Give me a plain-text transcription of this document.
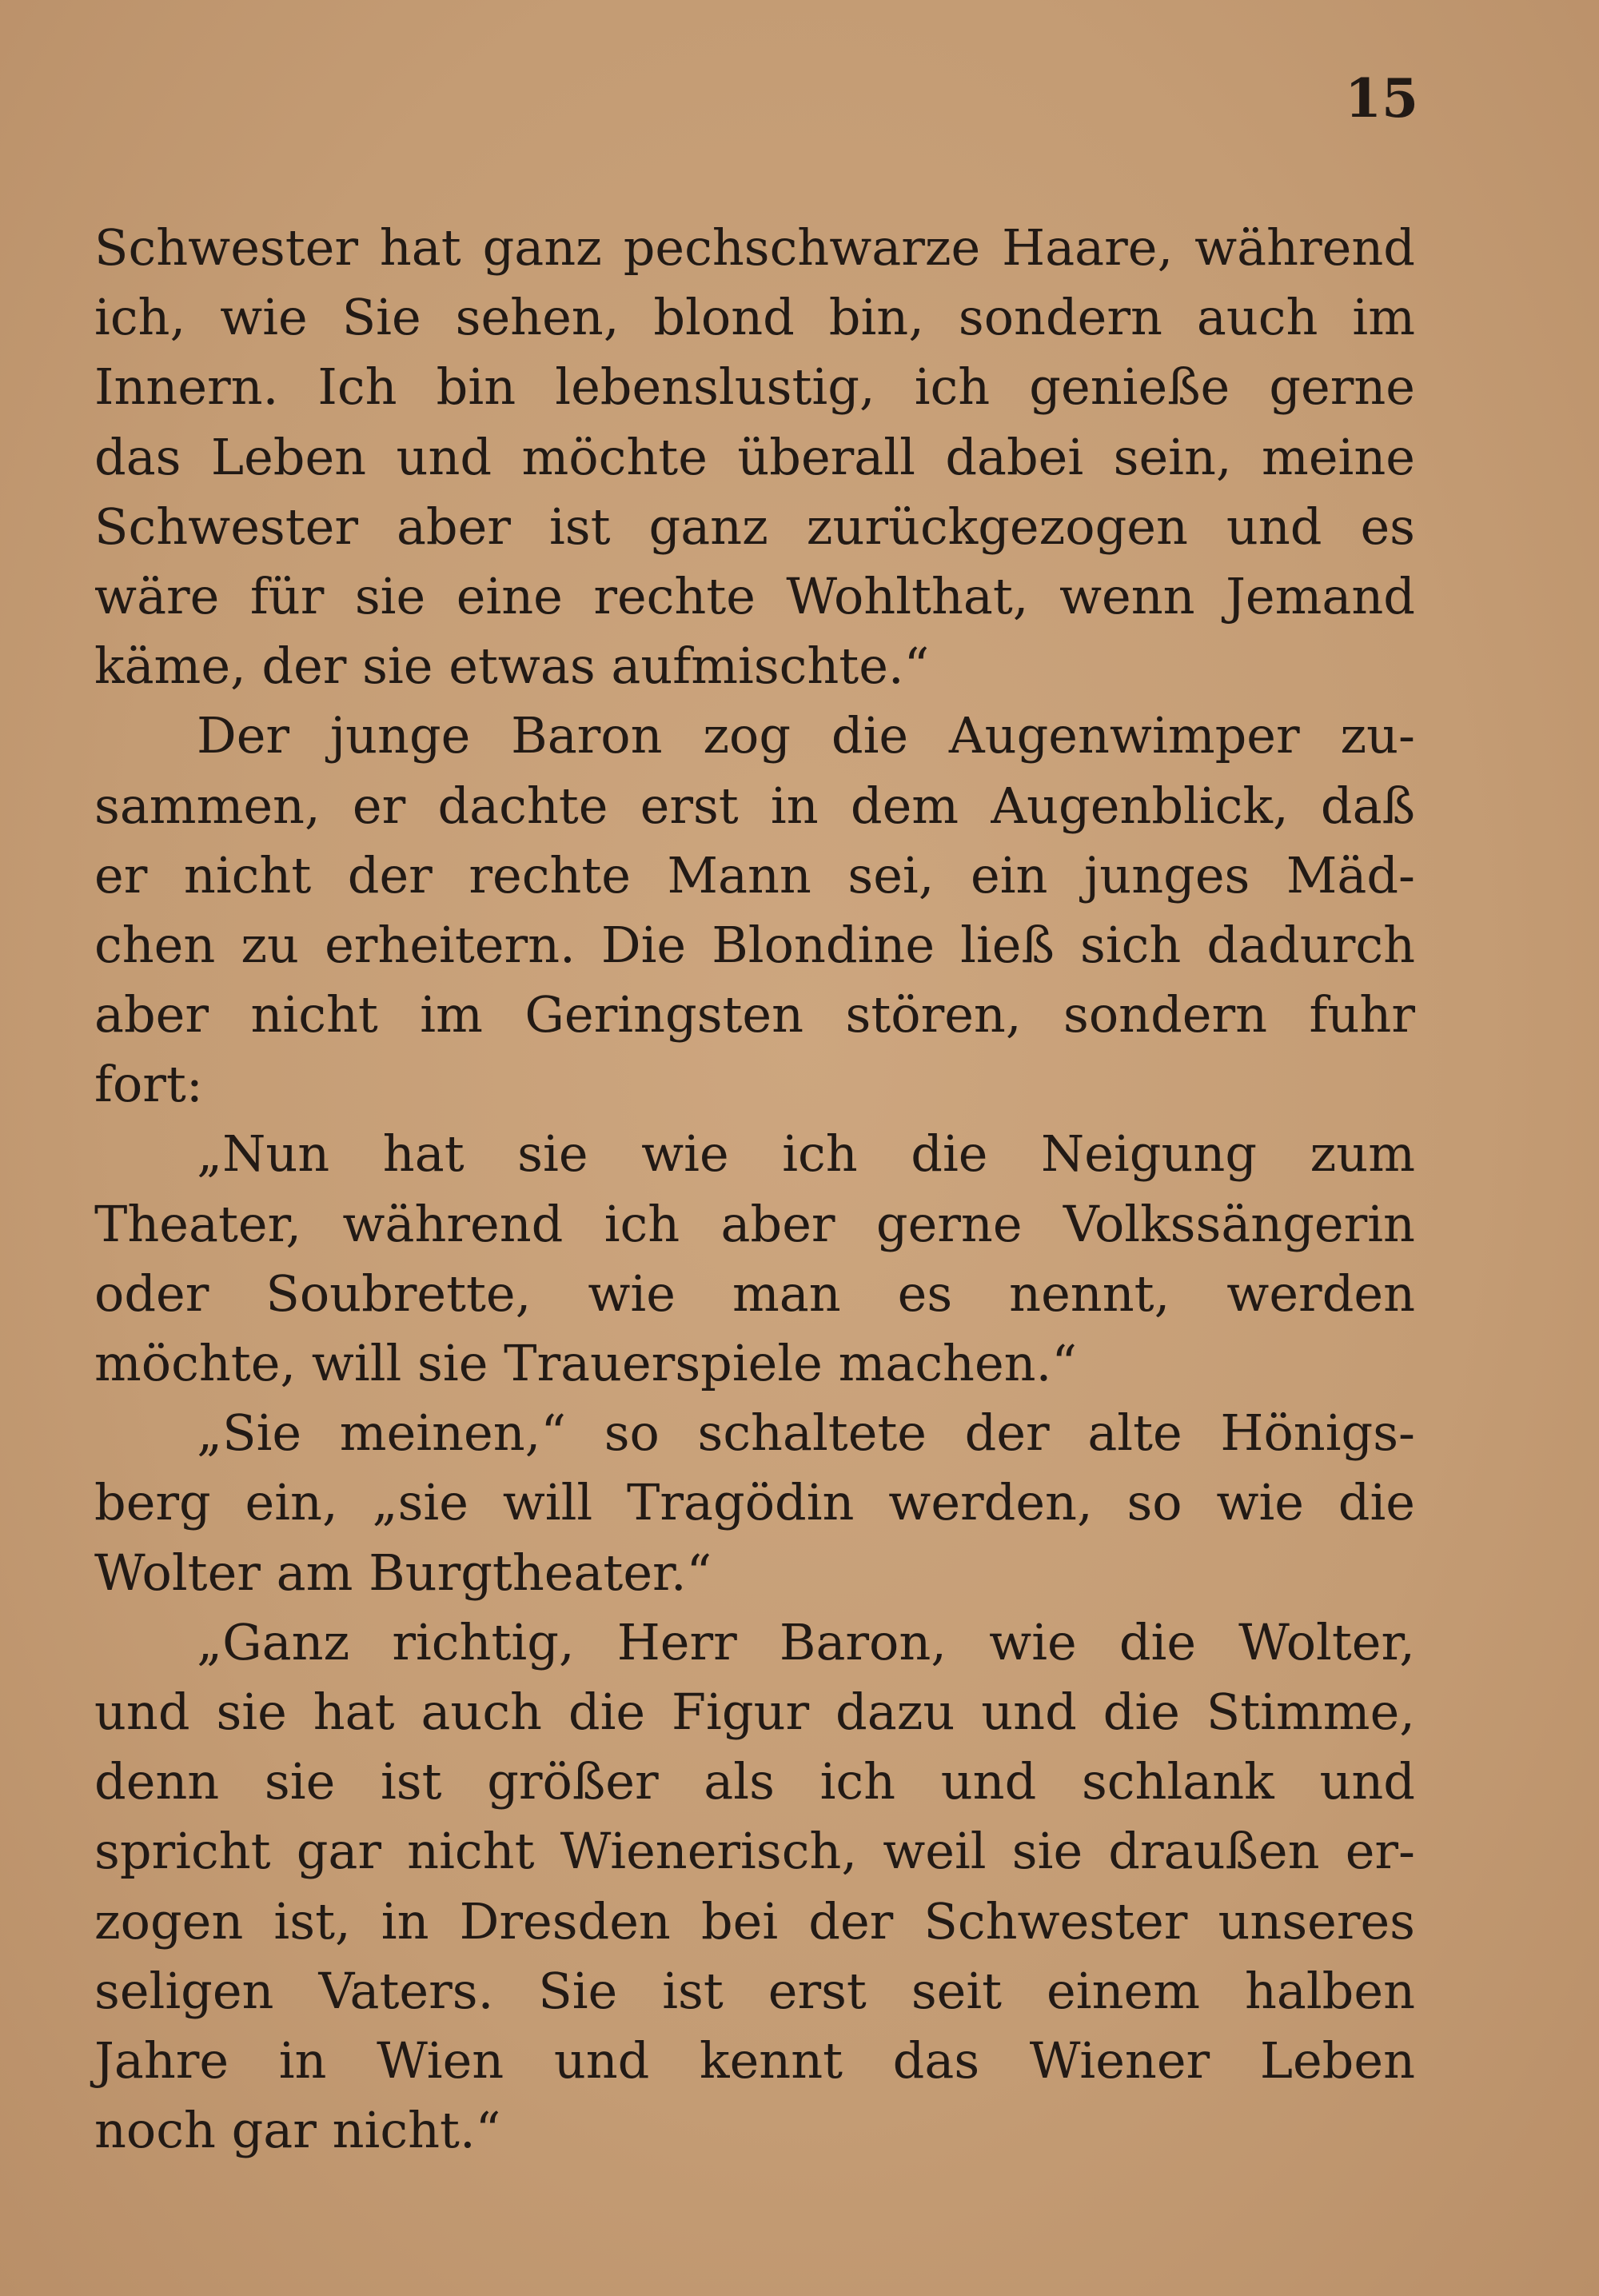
15
Schwester hat ganz pechschwarze Haare, während
ich, wie Sie sehen, blond bin, sondern auch im
Innern. Ich bin lebenslustig, ich genieße gerne
das Leben und möchte überall dabei sein, meine
Schwester aber ist ganz zurückgezogen und es
wäre für sie eine rechte Wohlthat, wenn Jemand
käme, der sie etwas aufmischte.“
Der junge Baron zog die Augenwimper zu-
sammen, er dachte erst in dem Augenblick, daß
er nicht der rechte Mann sei, ein junges Mäd-
chen zu erheitern. Die Blondine ließ sich dadurch
aber nicht im Geringsten stören, sondern fuhr
fort:
„Nun hat sie wie ich die Neigung zum
Theater, während ich aber gerne Volkssängerin
oder Soubrette, wie man es nennt, werden
möchte, will sie Trauerspiele machen.“
„Sie meinen,“ so schaltete der alte Hönigs-
berg ein, „sie will Tragödin werden, so wie die
Wolter am Burgtheater.“
„Ganz richtig, Herr Baron, wie die Wolter,
und sie hat auch die Figur dazu und die Stimme,
denn sie ist größer als ich und schlank und
spricht gar nicht Wienerisch, weil sie draußen er-
zogen ist, in Dresden bei der Schwester unseres
seligen Vaters. Sie ist erst seit einem halben
Jahre in Wien und kennt das Wiener Leben
noch gar nicht.“
